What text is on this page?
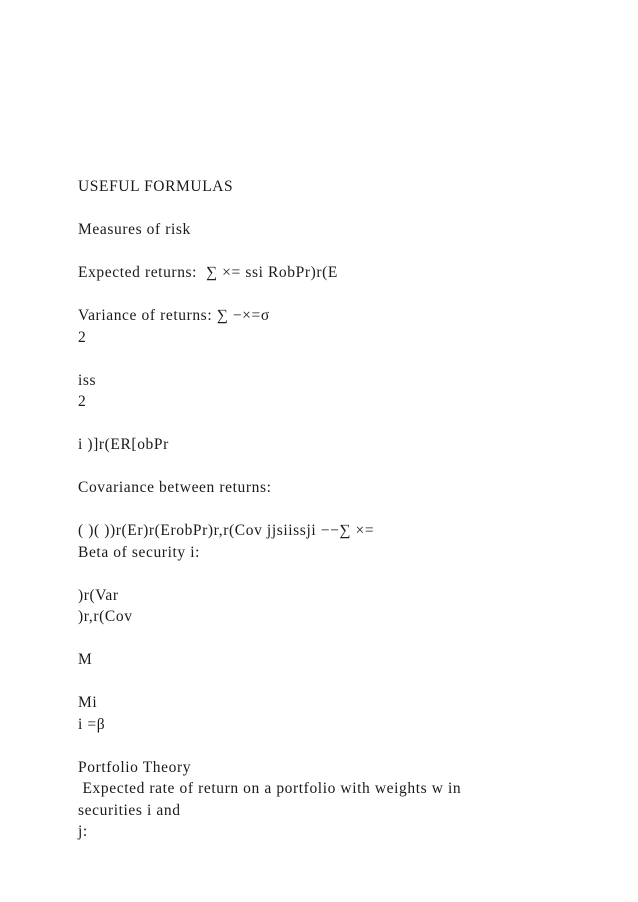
USEFUL FORMULAS
Measures of risk
Expected returns:  ∑ ×= ssi RobPr)r(E
Variance of returns: ∑ −×=σ
2
iss
2
i )]r(ER[obPr
Covariance between returns:
( )( ))r(Er)r(ErobPr)r,r(Cov jjsiissji −−∑ ×=
Beta of security i:
)r(Var
)r,r(Cov
M
Mi
i =β
Portfolio Theory
Expected rate of return on a portfolio with weights w in
securities i and
j:
